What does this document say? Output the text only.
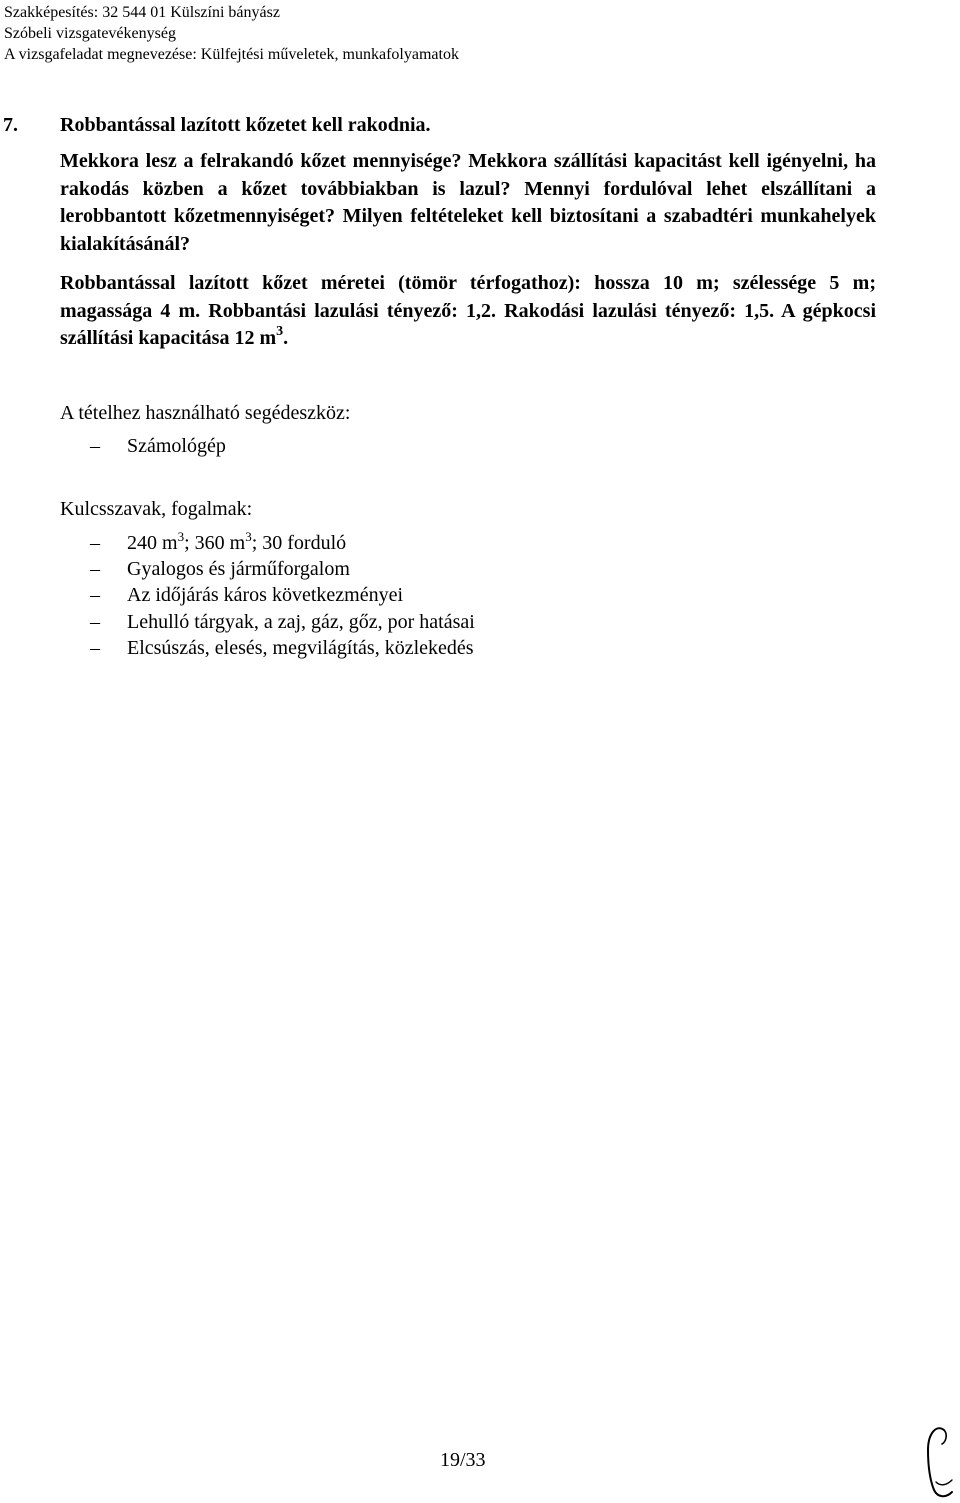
Szakképesítés: 32 544 01 Külszíni bányász
Szóbeli vizsgatevékenység
A vizsgafeladat megnevezése: Külfejtési műveletek, munkafolyamatok
7. Robbantással lazított kőzetet kell rakodnia.
Mekkora lesz a felrakandó kőzet mennyisége? Mekkora szállítási kapacitást kell igényelni, ha rakodás közben a kőzet továbbiakban is lazul? Mennyi fordulóval lehet elszállítani a lerobbantott kőzetmennyiséget? Milyen feltételeket kell biztosítani a szabadtéri munkahelyek kialakításánál?
Robbantással lazított kőzet méretei (tömör térfogathoz): hossza 10 m; szélessége 5 m; magassága 4 m. Robbantási lazulási tényező: 1,2. Rakodási lazulási tényező: 1,5. A gépkocsi szállítási kapacitása 12 $m^3$.
A tételhez használható segédeszköz:
– Számológép
Kulcsszavak, fogalmak:
– 240 $m^3$; 360 $m^3$; 30 forduló
– Gyalogos és járműforgalom
– Az időjárás káros következményei
– Lehulló tárgyak, a zaj, gáz, gőz, por hatásai
– Elcsúszás, elesés, megvilágítás, közlekedés
19/33
